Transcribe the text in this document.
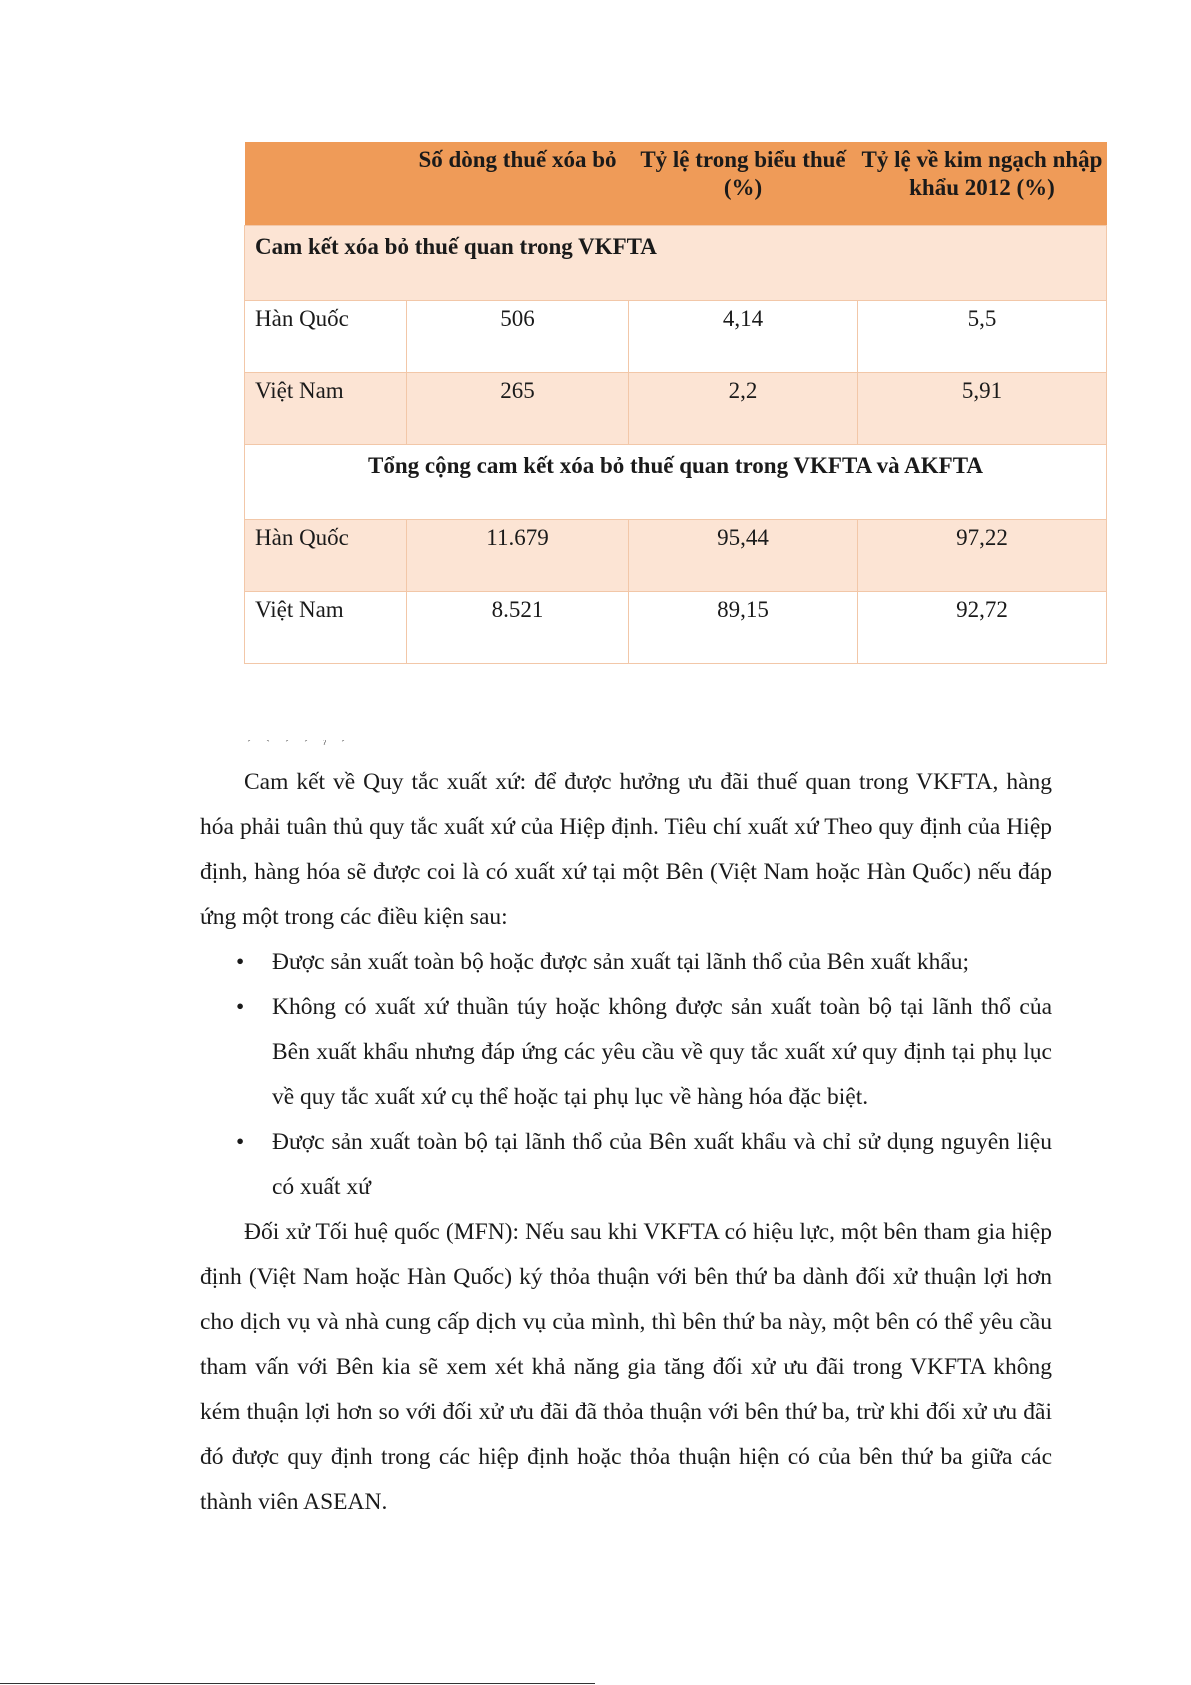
	Số dòng thuế xóa bỏ	Tỷ lệ trong biểu thuế (%)	Tỷ lệ về kim ngạch nhập khẩu 2012 (%)
Cam kết xóa bỏ thuế quan trong VKFTA			
Hàn Quốc	506	4,14	5,5
Việt Nam	265	2,2	5,91
Tổng cộng cam kết xóa bỏ thuế quan trong VKFTA và AKFTA			
Hàn Quốc	11.679	95,44	97,22
Việt Nam	8.521	89,15	92,72
´ ` ´ ´ ˀ ´

Cam kết về Quy tắc xuất xứ: để được hưởng ưu đãi thuế quan trong VKFTA, hàng hóa phải tuân thủ quy tắc xuất xứ của Hiệp định. Tiêu chí xuất xứ Theo quy định của Hiệp định, hàng hóa sẽ được coi là có xuất xứ tại một Bên (Việt Nam hoặc Hàn Quốc) nếu đáp ứng một trong các điều kiện sau:

• Được sản xuất toàn bộ hoặc được sản xuất tại lãnh thổ của Bên xuất khẩu;
• Không có xuất xứ thuần túy hoặc không được sản xuất toàn bộ tại lãnh thổ của Bên xuất khẩu nhưng đáp ứng các yêu cầu về quy tắc xuất xứ quy định tại phụ lục về quy tắc xuất xứ cụ thể hoặc tại phụ lục về hàng hóa đặc biệt.
• Được sản xuất toàn bộ tại lãnh thổ của Bên xuất khẩu và chỉ sử dụng nguyên liệu có xuất xứ

Đối xử Tối huệ quốc (MFN): Nếu sau khi VKFTA có hiệu lực, một bên tham gia hiệp định (Việt Nam hoặc Hàn Quốc) ký thỏa thuận với bên thứ ba dành đối xử thuận lợi hơn cho dịch vụ và nhà cung cấp dịch vụ của mình, thì bên thứ ba này, một bên có thể yêu cầu tham vấn với Bên kia sẽ xem xét khả năng gia tăng đối xử ưu đãi trong VKFTA không kém thuận lợi hơn so với đối xử ưu đãi đã thỏa thuận với bên thứ ba, trừ khi đối xử ưu đãi đó được quy định trong các hiệp định hoặc thỏa thuận hiện có của bên thứ ba giữa các thành viên ASEAN.
